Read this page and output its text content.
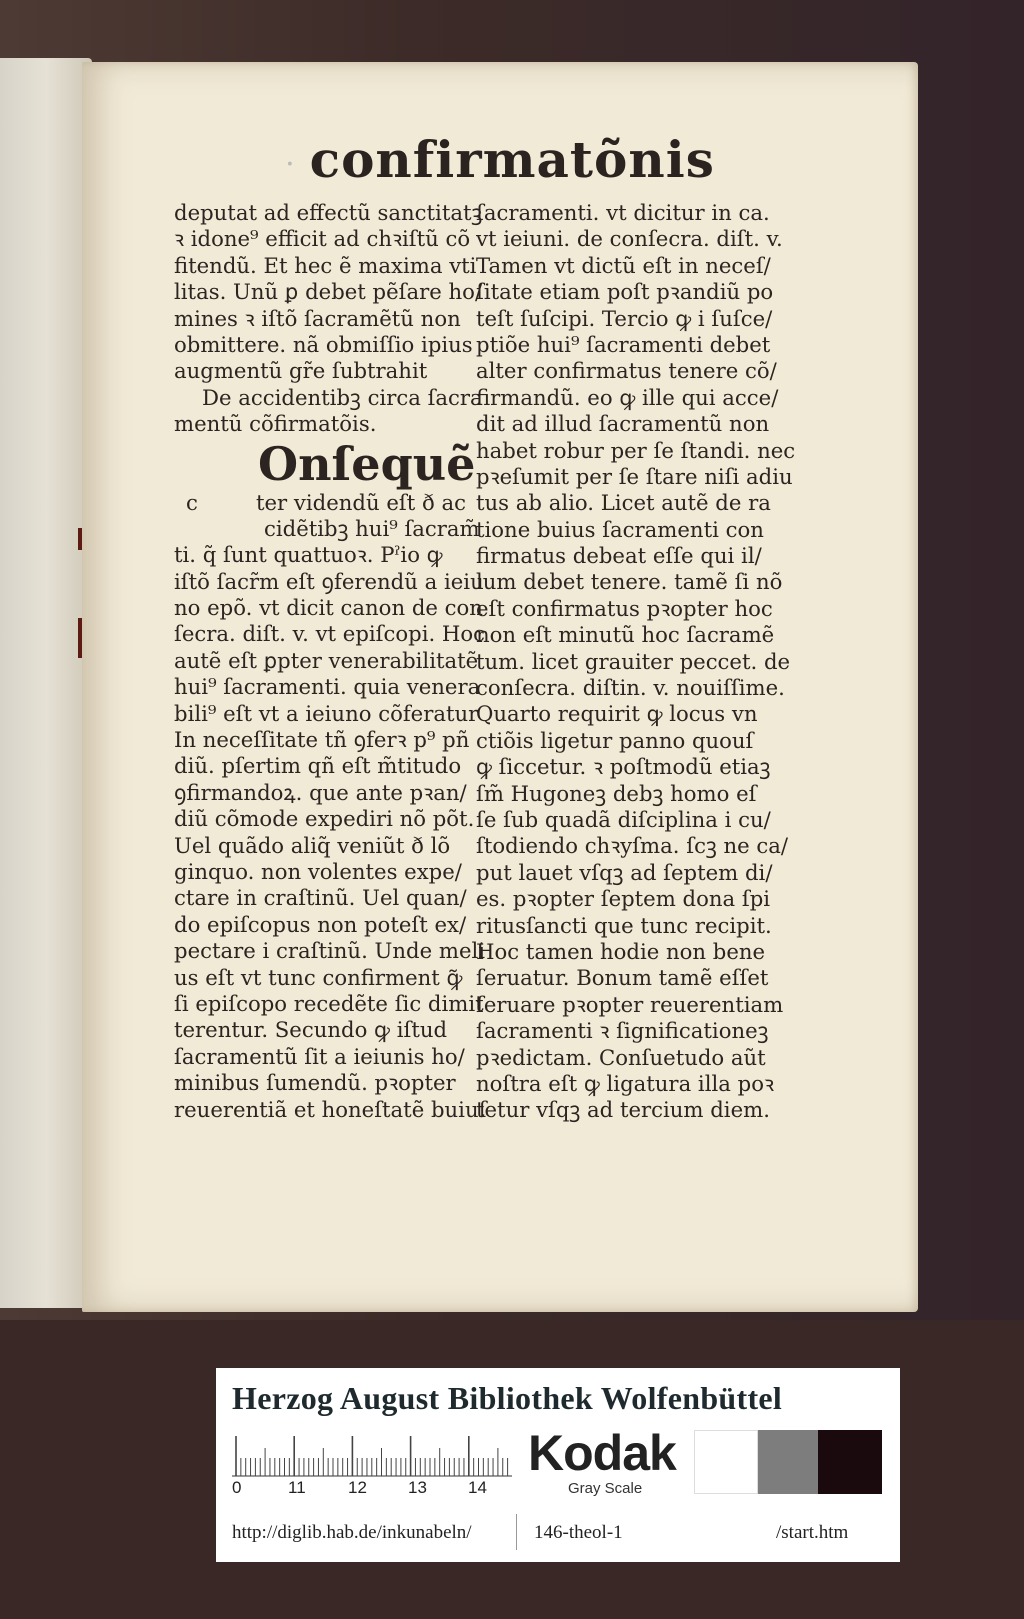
· confirmatõnis
deputat ad effectũ sanctitatꝫ
ꝛ idone⁹ efficit ad chꝛiſtũ cõ
fitendũ. Et hec ẽ maxima vti
litas. Unũ ꝑ debet pẽſare ho/
mines ꝛ iſtõ ſacramẽtũ non
obmittere. nã obmiſſio ipius
augmentũ gr̃e ſubtrahit
De accidentibꝫ circa ſacra
mentũ cõfirmatõis.
Onſequẽ
c	ter videndũ eſt ð ac
cidẽtibꝫ hui⁹ ſacram̃
ti. q̃ ſunt quattuoꝛ. Pˀio ꝙ
iſtõ ſacr̃m eſt ꝯferendũ a ieiu
no epõ. vt dicit canon de con
ſecra. diſt. v. vt epiſcopi. Hoc
autẽ eſt ꝑpter venerabilitatẽ
hui⁹ ſacramenti. quia venera
bili⁹ eſt vt a ieiuno cõferatur
In neceſſitate tñ ꝯferꝛ p⁹ pñ
diũ. pſertim qñ eſt m̃titudo
ꝯfirmandoꝝ. que ante pꝛan/
diũ cõmode expediri nõ põt.
Uel quãdo aliq̃ veniũt ð lõ
ginquo. non volentes expe/
ctare in craſtinũ. Uel quan/
do epiſcopus non poteſt ex/
pectare i craſtinũ. Unde meli
us eſt vt tunc confirment ꝙ̃
ſi epiſcopo recedẽte ſic dimit
terentur. Secundo ꝙ iſtud
ſacramentũ ſit a ieiunis ho/
minibus ſumendũ. pꝛopter
reuerentiã et honeſtatẽ buiuſ
ſacramenti. vt dicitur in ca.
vt ieiuni. de conſecra. diſt. v.
Tamen vt dictũ eſt in neceſ/
ſitate etiam poſt pꝛandiũ po
teſt ſuſcipi. Tercio ꝙ i ſuſce/
ptiõe hui⁹ ſacramenti debet
alter confirmatus tenere cõ/
firmandũ. eo ꝙ ille qui acce/
dit ad illud ſacramentũ non
habet robur per ſe ſtandi. nec
pꝛeſumit per ſe ſtare niſi adiu
tus ab alio. Licet autẽ de ra
tione buius ſacramenti con
firmatus debeat eſſe qui il/
lum debet tenere. tamẽ ſi nõ
eſt confirmatus pꝛopter hoc
non eſt minutũ hoc ſacramẽ
tum. licet grauiter peccet. de
conſecra. diſtin. v. nouiſſime.
Quarto requirit ꝙ locus vn
ctiõis ligetur panno quouſ
ꝙ ſiccetur. ꝛ poſtmodũ etiaꝫ
ſm̃ Hugoneꝫ debꝫ homo eſ
ſe ſub quadã diſciplina i cu/
ſtodiendo chꝛyſma. ſcꝫ ne ca/
put lauet vſqꝫ ad ſeptem di/
es. pꝛopter ſeptem dona ſpi
ritusſancti que tunc recipit.
Hoc tamen hodie non bene
ſeruatur. Bonum tamẽ eſſet
ſeruare pꝛopter reuerentiam
ſacramenti ꝛ ſignificationeꝫ
pꝛedictam. Conſuetudo aũt
noſtra eſt ꝙ ligatura illa poꝛ
tetur vſqꝫ ad tercium diem.
Herzog August Bibliothek Wolfenbüttel
0	11 12 13 14
Kodak
Gray Scale
http://diglib.hab.de/inkunabeln/	146-theol-1	/start.htm
